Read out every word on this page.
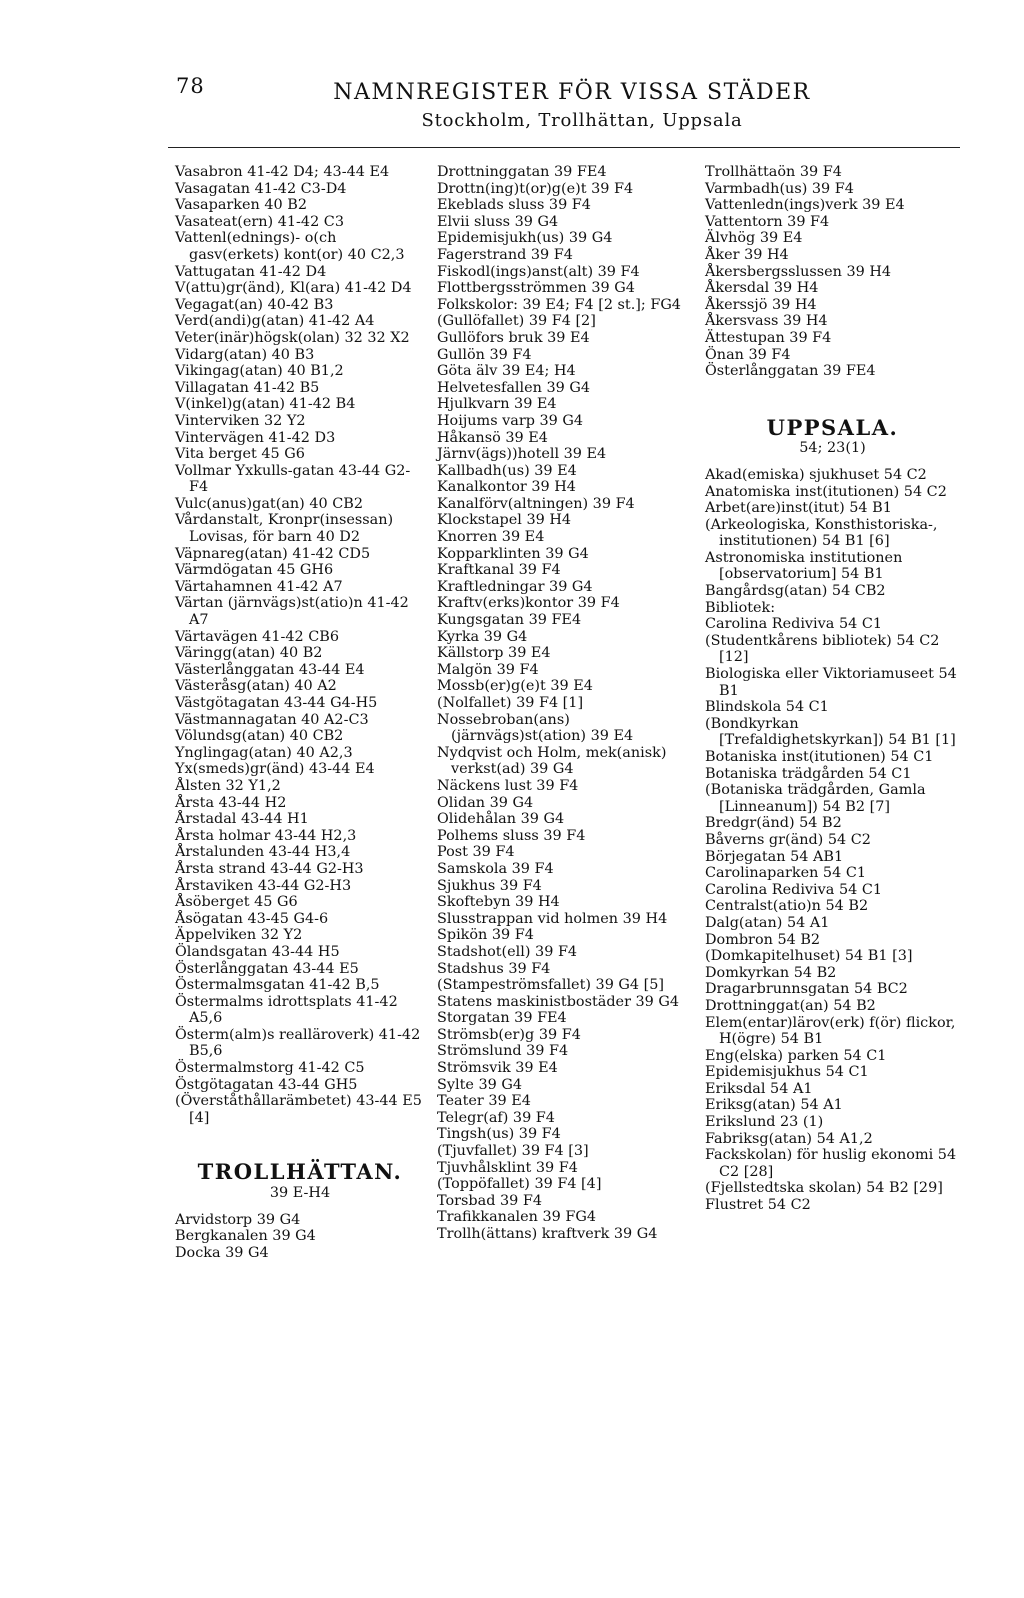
78	NAMNREGISTER FÖR VISSA STÄDER
Stockholm, Trollhättan, Uppsala
Vasabron 41-42 D4; 43-44 E4
Vasagatan 41-42 C3-D4
Vasaparken 40 B2
Vasateat(ern) 41-42 C3
Vattenl(ednings)- o(ch gasv(erkets) kont(or) 40 C2,3
Vattugatan 41-42 D4
V(attu)gr(änd), Kl(ara) 41-42 D4
Vegagat(an) 40-42 B3
Verd(andi)g(atan) 41-42 A4
Veter(inär)högsk(olan) 32 32 X2
Vidarg(atan) 40 B3
Vikingag(atan) 40 B1,2
Villagatan 41-42 B5
V(inkel)g(atan) 41-42 B4
Vinterviken 32 Y2
Vintervägen 41-42 D3
Vita berget 45 G6
Vollmar Yxkulls-gatan 43-44 G2-F4
Vulc(anus)gat(an) 40 CB2
Vårdanstalt, Kronpr(insessan) Lovisas, för barn 40 D2
Väpnareg(atan) 41-42 CD5
Värmdögatan 45 GH6
Värtahamnen 41-42 A7
Värtan (järnvägs)st(atio)n 41-42 A7
Värtavägen 41-42 CB6
Väringg(atan) 40 B2
Västerlånggatan 43-44 E4
Västeråsg(atan) 40 A2
Västgötagatan 43-44 G4-H5
Västmannagatan 40 A2-C3
Völundsg(atan) 40 CB2
Ynglingag(atan) 40 A2,3
Yx(smeds)gr(änd) 43-44 E4
Ålsten 32 Y1,2
Årsta 43-44 H2
Årstadal 43-44 H1
Årsta holmar 43-44 H2,3
Årstalunden 43-44 H3,4
Årsta strand 43-44 G2-H3
Årstaviken 43-44 G2-H3
Åsöberget 45 G6
Åsögatan 43-45 G4-6
Äppelviken 32 Y2
Ölandsgatan 43-44 H5
Österlånggatan 43-44 E5
Östermalmsgatan 41-42 B,5
Östermalms idrottsplats 41-42 A5,6
Österm(alm)s realläroverk) 41-42 B5,6
Östermalmstorg 41-42 C5
Östgötagatan 43-44 GH5
(Överståthållarämbetet) 43-44 E5 [4]
TROLLHÄTTAN.
39 E-H4
Arvidstorp 39 G4
Bergkanalen 39 G4
Docka 39 G4
Drottninggatan 39 FE4
Drottn(ing)t(or)g(e)t 39 F4
Ekeblads sluss 39 F4
Elvii sluss 39 G4
Epidemisjukh(us) 39 G4
Fagerstrand 39 F4
Fiskodl(ings)anst(alt) 39 F4
Flottbergsströmmen 39 G4
Folkskolor: 39 E4; F4 [2 st.]; FG4
(Gullöfallet) 39 F4 [2]
Gullöfors bruk 39 E4
Gullön 39 F4
Göta älv 39 E4; H4
Helvetesfallen 39 G4
Hjulkvarn 39 E4
Hoijums varp 39 G4
Håkansö 39 E4
Järnv(ägs))hotell 39 E4
Kallbadh(us) 39 E4
Kanalkontor 39 H4
Kanalförv(altningen) 39 F4
Klockstapel 39 H4
Knorren 39 E4
Kopparklinten 39 G4
Kraftkanal 39 F4
Kraftledningar 39 G4
Kraftv(erks)kontor 39 F4
Kungsgatan 39 FE4
Kyrka 39 G4
Källstorp 39 E4
Malgön 39 F4
Mossb(er)g(e)t 39 E4
(Nolfallet) 39 F4 [1]
Nossebroban(ans) (järnvägs)st(ation) 39 E4
Nydqvist och Holm, mek(anisk) verkst(ad) 39 G4
Näckens lust 39 F4
Olidan 39 G4
Olidehålan 39 G4
Polhems sluss 39 F4
Post 39 F4
Samskola 39 F4
Sjukhus 39 F4
Skoftebyn 39 H4
Slusstrappan vid holmen 39 H4
Spikön 39 F4
Stadshot(ell) 39 F4
Stadshus 39 F4
(Stampeströmsfallet) 39 G4 [5]
Statens maskinistbostäder 39 G4
Storgatan 39 FE4
Strömsb(er)g 39 F4
Strömslund 39 F4
Strömsvik 39 E4
Sylte 39 G4
Teater 39 E4
Telegr(af) 39 F4
Tingsh(us) 39 F4
(Tjuvfallet) 39 F4 [3]
Tjuvhålsklint 39 F4
(Toppöfallet) 39 F4 [4]
Torsbad 39 F4
Trafikkanalen 39 FG4
Trollh(ättans) kraftverk 39 G4
Trollhättaön 39 F4
Varmbadh(us) 39 F4
Vattenledn(ings)verk 39 E4
Vattentorn 39 F4
Älvhög 39 E4
Åker 39 H4
Åkersbergsslussen 39 H4
Åkersdal 39 H4
Åkerssjö 39 H4
Åkersvass 39 H4
Ättestupan 39 F4
Önan 39 F4
Österlånggatan 39 FE4
UPPSALA.
54; 23(1)
Akad(emiska) sjukhuset 54 C2
Anatomiska inst(itutionen) 54 C2
Arbet(are)inst(itut) 54 B1
(Arkeologiska, Konsthistoriska-, institutionen) 54 B1 [6]
Astronomiska institutionen [observatorium] 54 B1
Bangårdsg(atan) 54 CB2
Bibliotek:
Carolina Rediviva 54 C1
(Studentkårens bibliotek) 54 C2 [12]
Biologiska eller Viktoriamuseet 54 B1
Blindskola 54 C1
(Bondkyrkan [Trefaldighetskyrkan]) 54 B1 [1]
Botaniska inst(itutionen) 54 C1
Botaniska trädgården 54 C1
(Botaniska trädgården, Gamla [Linneanum]) 54 B2 [7]
Bredgr(änd) 54 B2
Båverns gr(änd) 54 C2
Börjegatan 54 AB1
Carolinaparken 54 C1
Carolina Rediviva 54 C1
Centralst(atio)n 54 B2
Dalg(atan) 54 A1
Dombron 54 B2
(Domkapitelhuset) 54 B1 [3]
Domkyrkan 54 B2
Dragarbrunnsgatan 54 BC2
Drottninggat(an) 54 B2
Elem(entar)lärov(erk) f(ör) flickor, H(ögre) 54 B1
Eng(elska) parken 54 C1
Epidemisjukhus 54 C1
Eriksdal 54 A1
Eriksg(atan) 54 A1
Erikslund 23 (1)
Fabriksg(atan) 54 A1,2
Fackskolan) för huslig ekonomi 54 C2 [28]
(Fjellstedtska skolan) 54 B2 [29]
Flustret 54 C2
